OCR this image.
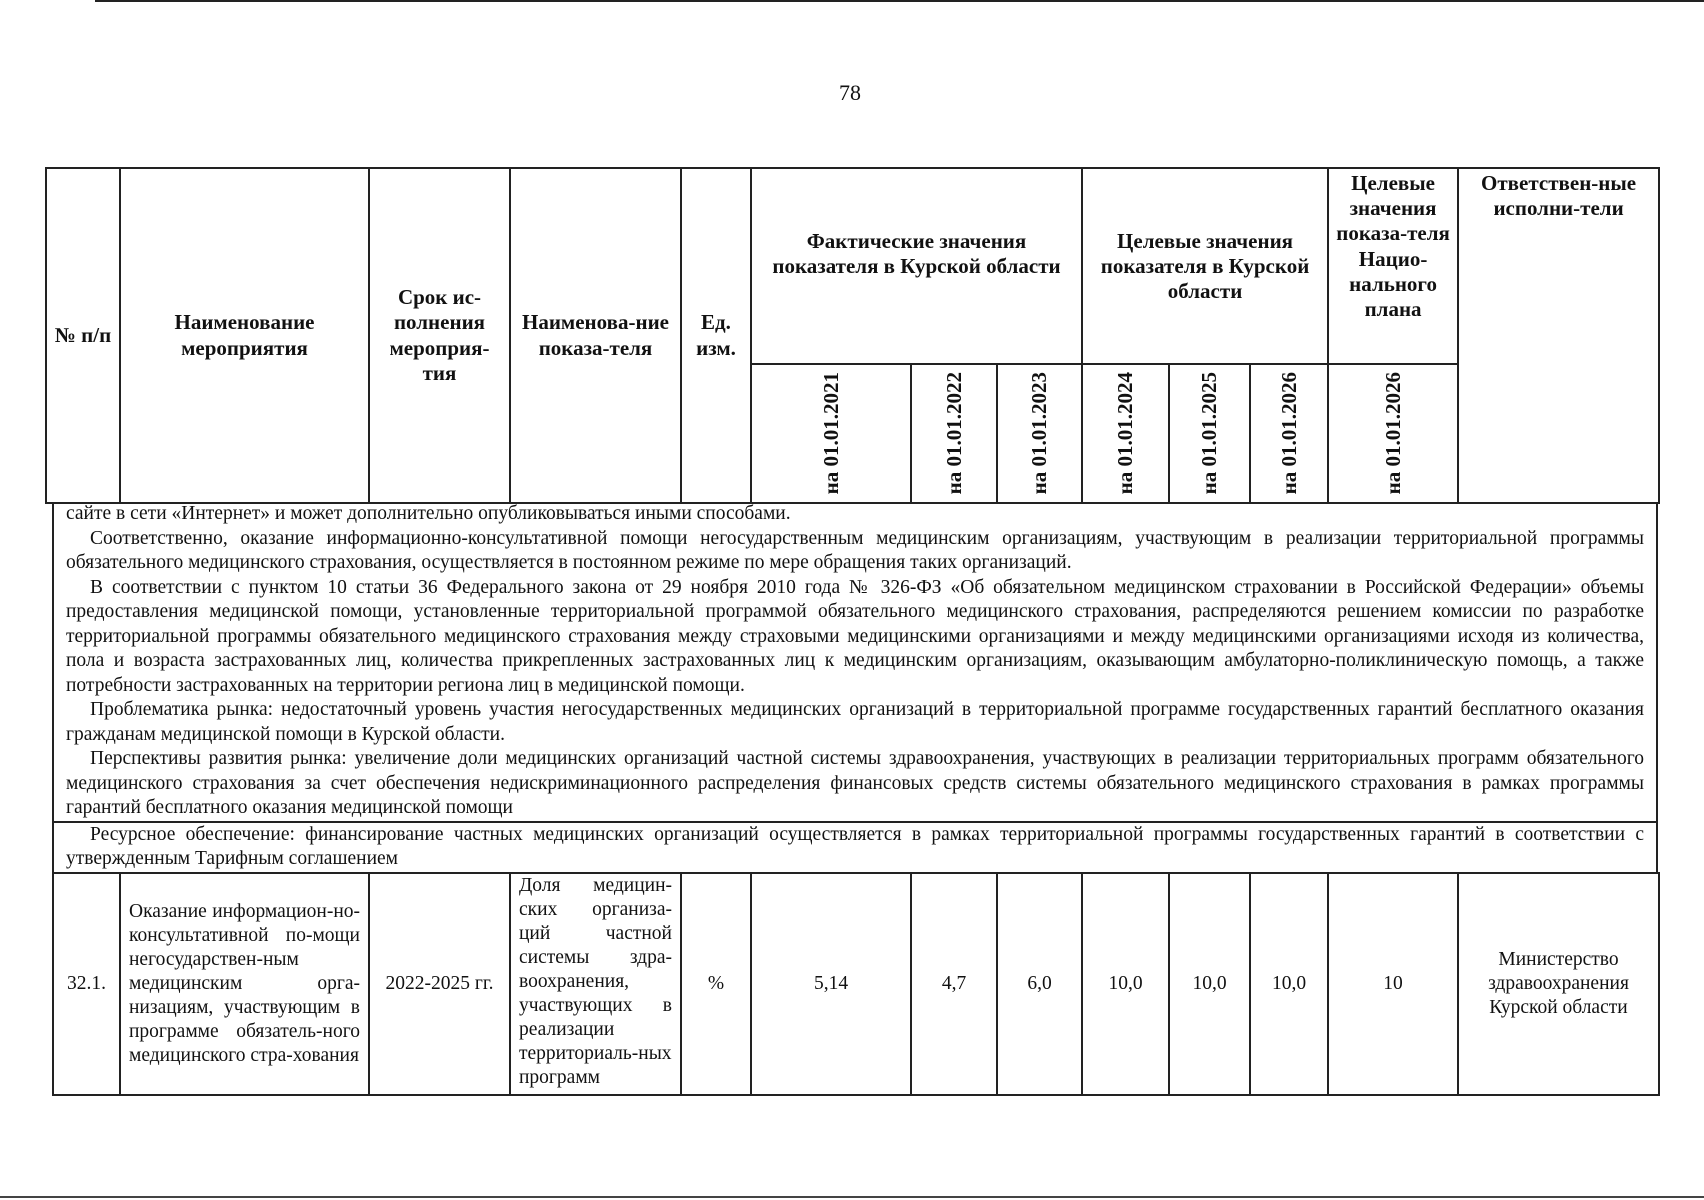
78
№ п/п	Наименование мероприятия	Срок ис-полнения мероприя-тия	Наименова-ние показа-теля	Ед. изм.	Фактические значения показателя в Курской области			Целевые значения показателя в Курской области			Целевые значения показа-теля Нацио-нального плана	Ответствен-ные исполни-тели

					на 01.01.2021	на 01.01.2022	на 01.01.2023	на 01.01.2024	на 01.01.2025	на 01.01.2026	на 01.01.2026	

сайте в сети «Интернет» и может дополнительно опубликовываться иными способами.

Соответственно, оказание информационно-консультативной помощи негосударственным медицинским организациям, участвующим в реализации территориальной программы обязательного медицинского страхования, осуществляется в постоянном режиме по мере обращения таких организаций.

В соответствии с пунктом 10 статьи 36 Федерального закона от 29 ноября 2010 года № 326-ФЗ «Об обязательном медицинском страховании в Российской Федерации» объемы предоставления медицинской помощи, установленные территориальной программой обязательного медицинского страхования, распределяются решением комиссии по разработке территориальной программы обязательного медицинского страхования между страховыми медицинскими организациями и между медицинскими организациями исходя из количества, пола и возраста застрахованных лиц, количества прикрепленных застрахованных лиц к медицинским организациям, оказывающим амбулаторно-поликлиническую помощь, а также потребности застрахованных на территории региона лиц в медицинской помощи.

Проблематика рынка: недостаточный уровень участия негосударственных медицинских организаций в территориальной программе государственных гарантий бесплатного оказания гражданам медицинской помощи в Курской области.

Перспективы развития рынка: увеличение доли медицинских организаций частной системы здравоохранения, участвующих в реализации территориальных программ обязательного медицинского страхования за счет обеспечения недискриминационного распределения финансовых средств системы обязательного медицинского страхования в рамках программы гарантий бесплатного оказания медицинской помощи

Ресурсное обеспечение: финансирование частных медицинских организаций осуществляется в рамках территориальной программы государственных гарантий в соответствии с утвержденным Тарифным соглашением

32.1.	Оказание информацион-но-консультативной по-мощи негосударствен-ным медицинским орга-низациям, участвующим в программе обязатель-ного медицинского стра-хования	2022-2025 гг.	Доля медицин-ских организа-ций частной системы здра-воохранения, участвующих в реализации территориаль-ных программ	%	5,14	4,7	6,0	10,0	10,0	10,0	10	Министерство здравоохранения Курской области
